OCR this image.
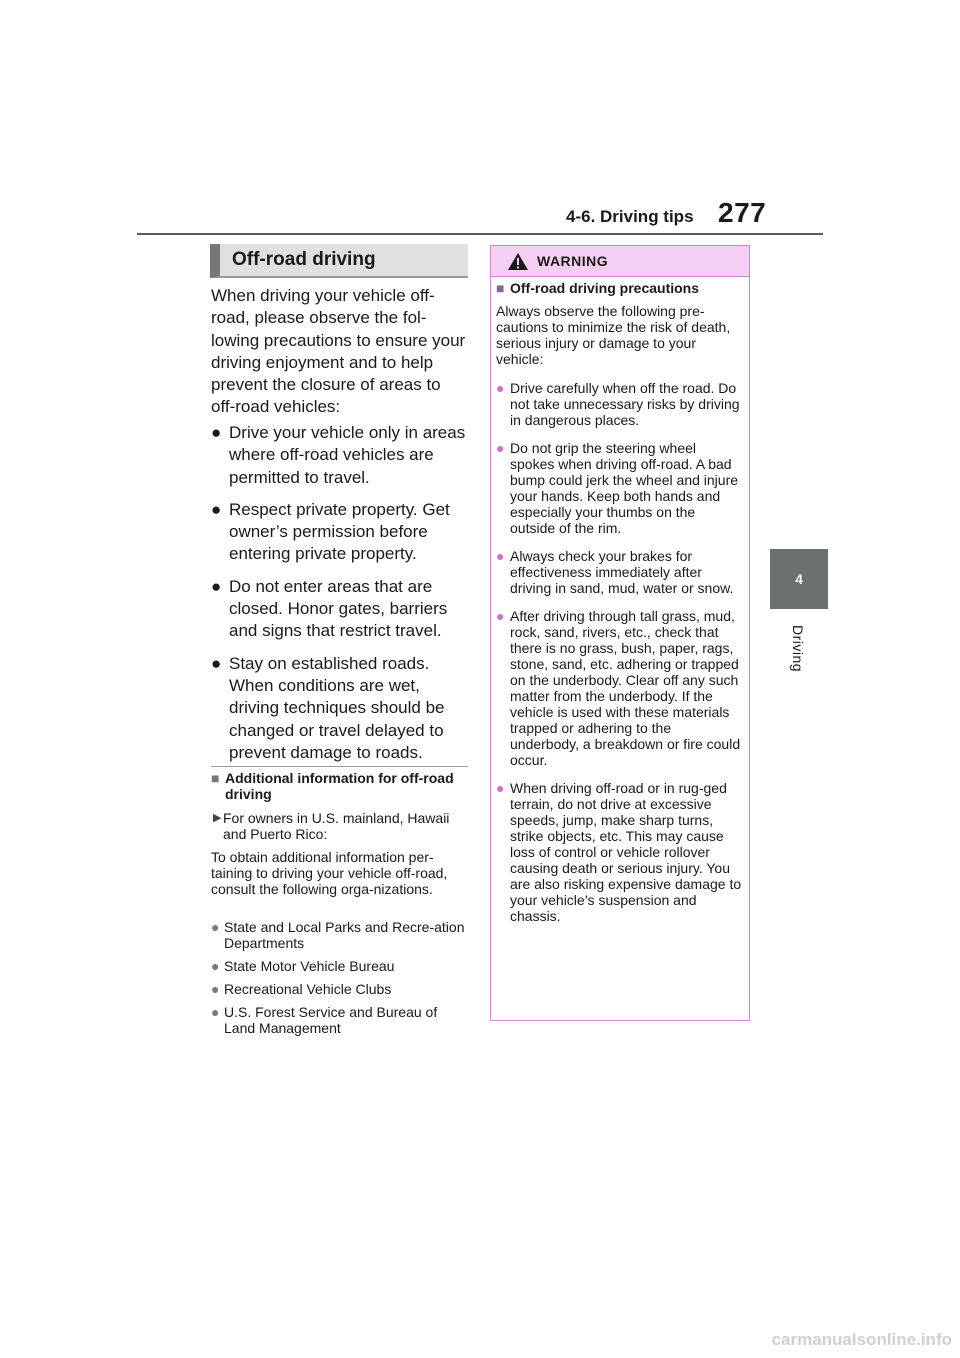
4-6. Driving tips 277
4
Driving
Off-road driving
When driving your vehicle off-road, please observe the fol-lowing precautions to ensure your driving enjoyment and to help prevent the closure of areas to off-road vehicles:
● Drive your vehicle only in areas where off-road vehicles are permitted to travel.
● Respect private property. Get owner’s permission before entering private property.
● Do not enter areas that are closed. Honor gates, barriers and signs that restrict travel.
● Stay on established roads. When conditions are wet, driving techniques should be changed or travel delayed to prevent damage to roads.
■ Additional information for off-road driving
▶ For owners in U.S. mainland, Hawaii and Puerto Rico:
To obtain additional information per-taining to driving your vehicle off-road, consult the following orga-nizations.
● State and Local Parks and Recre-ation Departments
● State Motor Vehicle Bureau
● Recreational Vehicle Clubs
● U.S. Forest Service and Bureau of Land Management
WARNING
■ Off-road driving precautions
Always observe the following pre-cautions to minimize the risk of death, serious injury or damage to your vehicle:
● Drive carefully when off the road. Do not take unnecessary risks by driving in dangerous places.
● Do not grip the steering wheel spokes when driving off-road. A bad bump could jerk the wheel and injure your hands. Keep both hands and especially your thumbs on the outside of the rim.
● Always check your brakes for effectiveness immediately after driving in sand, mud, water or snow.
● After driving through tall grass, mud, rock, sand, rivers, etc., check that there is no grass, bush, paper, rags, stone, sand, etc. adhering or trapped on the underbody. Clear off any such matter from the underbody. If the vehicle is used with these materials trapped or adhering to the underbody, a breakdown or fire could occur.
● When driving off-road or in rug-ged terrain, do not drive at excessive speeds, jump, make sharp turns, strike objects, etc. This may cause loss of control or vehicle rollover causing death or serious injury. You are also risking expensive damage to your vehicle’s suspension and chassis.
carmanualsonline.info
